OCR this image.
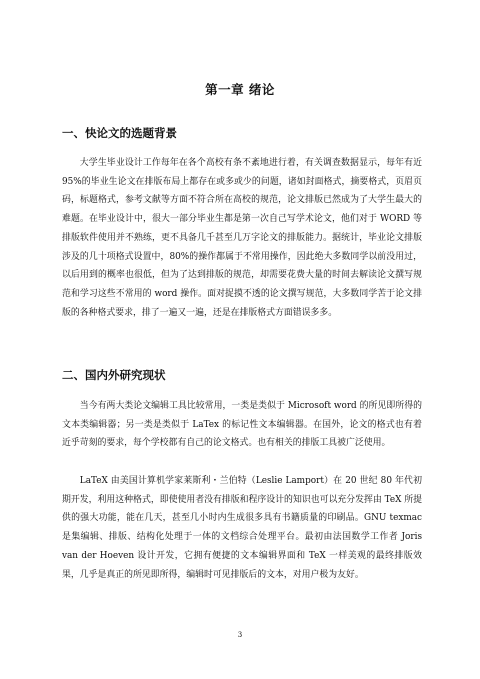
第一章 绪论
一、快论文的选题背景

大学生毕业设计工作每年在各个高校有条不紊地进行着，有关调查数据显示，每年有近 95%的毕业生论文在排版布局上都存在或多或少的问题，诸如封面格式，摘要格式，页眉页码，标题格式，参考文献等方面不符合所在高校的规范，论文排版已然成为了大学生最大的难题。在毕业设计中，很大一部分毕业生都是第一次自己写学术论文，他们对于 WORD 等排版软件使用并不熟练，更不具备几千甚至几万字论文的排版能力。据统计，毕业论文排版涉及的几十项格式设置中，80%的操作都属于不常用操作，因此绝大多数同学以前没用过，以后用到的概率也很低，但为了达到排版的规范，却需要花费大量的时间去解读论文撰写规范和学习这些不常用的 word 操作。面对捉摸不透的论文撰写规范，大多数同学苦于论文排版的各种格式要求，排了一遍又一遍，还是在排版格式方面错误多多。

二、国内外研究现状

当今有两大类论文编辑工具比较常用，一类是类似于 Microsoft word 的所见即所得的文本类编辑器；另一类是类似于 LaTex 的标记性文本编辑器。在国外，论文的格式也有着近乎苛刻的要求，每个学校都有自己的论文格式。也有相关的排版工具被广泛使用。

LaTeX 由美国计算机学家莱斯利・兰伯特（Leslie Lamport）在 20 世纪 80 年代初期开发，利用这种格式，即使使用者没有排版和程序设计的知识也可以充分发挥由 TeX 所提供的强大功能，能在几天，甚至几小时内生成很多具有书籍质量的印刷品。GNU texmac 是集编辑、排版、结构化处理于一体的文档综合处理平台。最初由法国数学工作者 Joris van der Hoeven 设计开发，它拥有便捷的文本编辑界面和 TeX 一样美观的最终排版效果，几乎是真正的所见即所得，编辑时可见排版后的文本，对用户极为友好。

3
